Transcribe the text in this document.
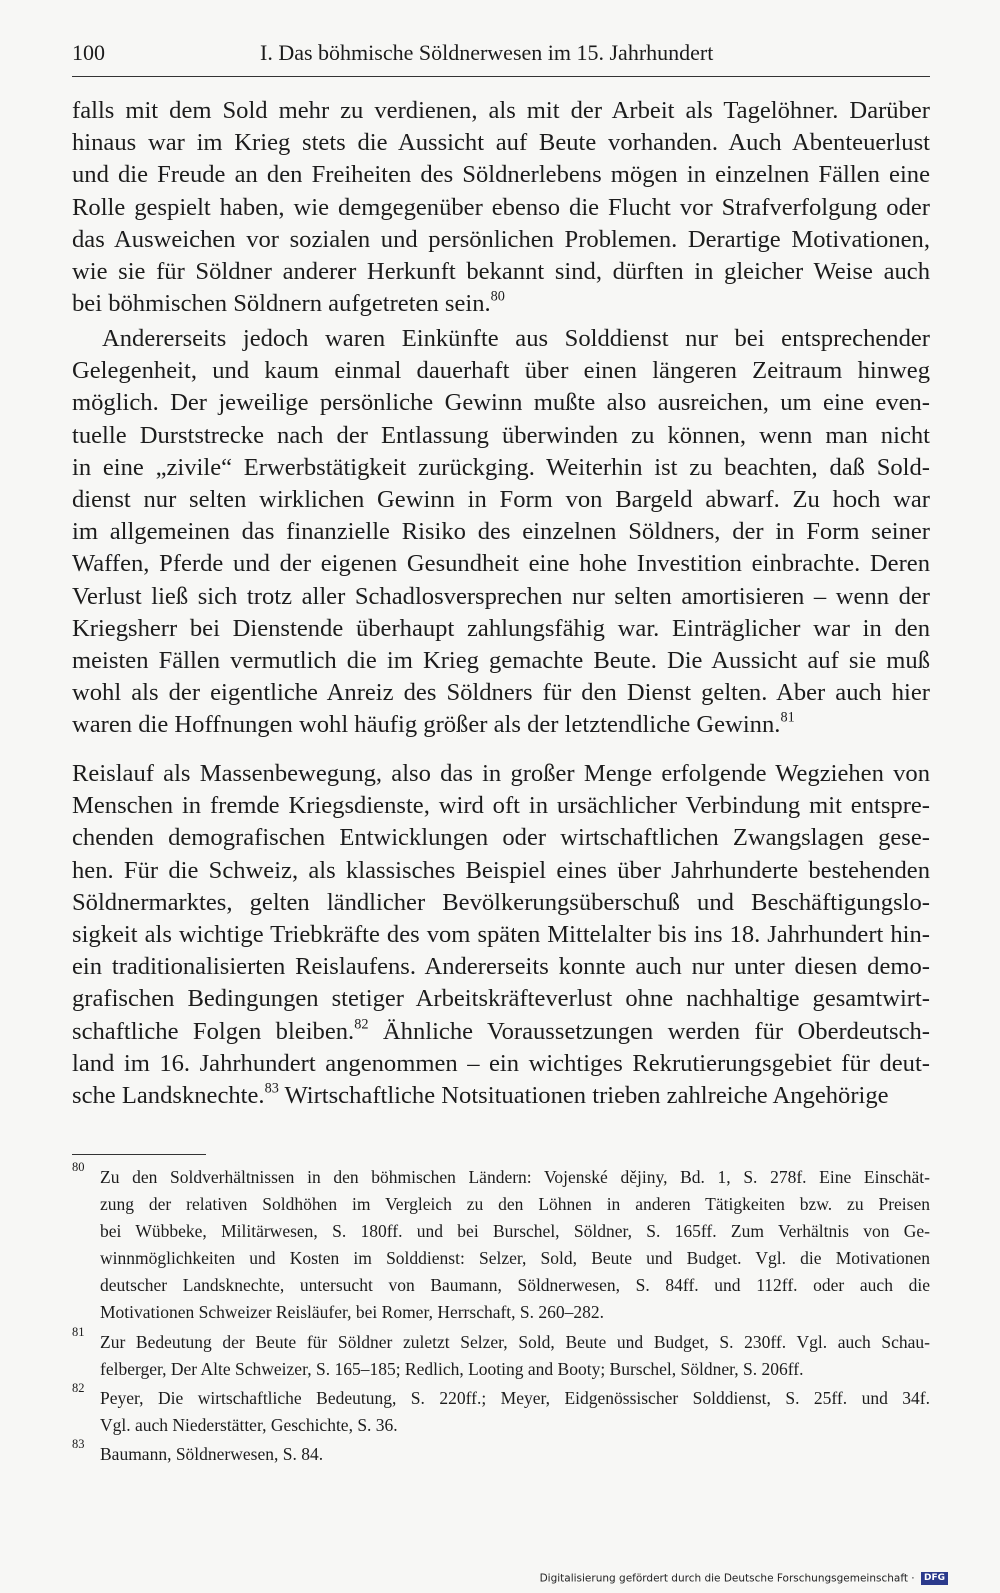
100	I. Das böhmische Söldnerwesen im 15. Jahrhundert
falls mit dem Sold mehr zu verdienen, als mit der Arbeit als Tagelöhner. Darüber
hinaus war im Krieg stets die Aussicht auf Beute vorhanden. Auch Abenteuerlust
und die Freude an den Freiheiten des Söldnerlebens mögen in einzelnen Fällen eine
Rolle gespielt haben, wie demgegenüber ebenso die Flucht vor Strafverfolgung oder
das Ausweichen vor sozialen und persönlichen Problemen. Derartige Motivationen,
wie sie für Söldner anderer Herkunft bekannt sind, dürften in gleicher Weise auch
bei böhmischen Söldnern aufgetreten sein.$^{80}$
Andererseits jedoch waren Einkünfte aus Solddienst nur bei entsprechender
Gelegenheit, und kaum einmal dauerhaft über einen längeren Zeitraum hinweg
möglich. Der jeweilige persönliche Gewinn mußte also ausreichen, um eine even-
tuelle Durststrecke nach der Entlassung überwinden zu können, wenn man nicht
in eine „zivile“ Erwerbstätigkeit zurückging. Weiterhin ist zu beachten, daß Sold-
dienst nur selten wirklichen Gewinn in Form von Bargeld abwarf. Zu hoch war
im allgemeinen das finanzielle Risiko des einzelnen Söldners, der in Form seiner
Waffen, Pferde und der eigenen Gesundheit eine hohe Investition einbrachte. Deren
Verlust ließ sich trotz aller Schadlosversprechen nur selten amortisieren – wenn der
Kriegsherr bei Dienstende überhaupt zahlungsfähig war. Einträglicher war in den
meisten Fällen vermutlich die im Krieg gemachte Beute. Die Aussicht auf sie muß
wohl als der eigentliche Anreiz des Söldners für den Dienst gelten. Aber auch hier
waren die Hoffnungen wohl häufig größer als der letztendliche Gewinn.$^{81}$
Reislauf als Massenbewegung, also das in großer Menge erfolgende Wegziehen von
Menschen in fremde Kriegsdienste, wird oft in ursächlicher Verbindung mit entspre-
chenden demografischen Entwicklungen oder wirtschaftlichen Zwangslagen gese-
hen. Für die Schweiz, als klassisches Beispiel eines über Jahrhunderte bestehenden
Söldnermarktes, gelten ländlicher Bevölkerungsüberschuß und Beschäftigungslo-
sigkeit als wichtige Triebkräfte des vom späten Mittelalter bis ins 18. Jahrhundert hin-
ein traditionalisierten Reislaufens. Andererseits konnte auch nur unter diesen demo-
grafischen Bedingungen stetiger Arbeitskräfteverlust ohne nachhaltige gesamtwirt-
schaftliche Folgen bleiben.$^{82}$ Ähnliche Voraussetzungen werden für Oberdeutsch-
land im 16. Jahrhundert angenommen – ein wichtiges Rekrutierungsgebiet für deut-
sche Landsknechte.$^{83}$ Wirtschaftliche Notsituationen trieben zahlreiche Angehörige
80 Zu den Soldverhältnissen in den böhmischen Ländern: Vojenské dějiny, Bd. 1, S. 278f. Eine Einschät-
zung der relativen Soldhöhen im Vergleich zu den Löhnen in anderen Tätigkeiten bzw. zu Preisen
bei Wübbeke, Militärwesen, S. 180ff. und bei Burschel, Söldner, S. 165ff. Zum Verhältnis von Ge-
winnmöglichkeiten und Kosten im Solddienst: Selzer, Sold, Beute und Budget. Vgl. die Motivationen
deutscher Landsknechte, untersucht von Baumann, Söldnerwesen, S. 84ff. und 112ff. oder auch die
Motivationen Schweizer Reisläufer, bei Romer, Herrschaft, S. 260–282.
81 Zur Bedeutung der Beute für Söldner zuletzt Selzer, Sold, Beute und Budget, S. 230ff. Vgl. auch Schau-
felberger, Der Alte Schweizer, S. 165–185; Redlich, Looting and Booty; Burschel, Söldner, S. 206ff.
82 Peyer, Die wirtschaftliche Bedeutung, S. 220ff.; Meyer, Eidgenössischer Solddienst, S. 25ff. und 34f.
Vgl. auch Niederstätter, Geschichte, S. 36.
83 Baumann, Söldnerwesen, S. 84.
Digitalisierung gefördert durch die Deutsche Forschungsgemeinschaft · DFG
